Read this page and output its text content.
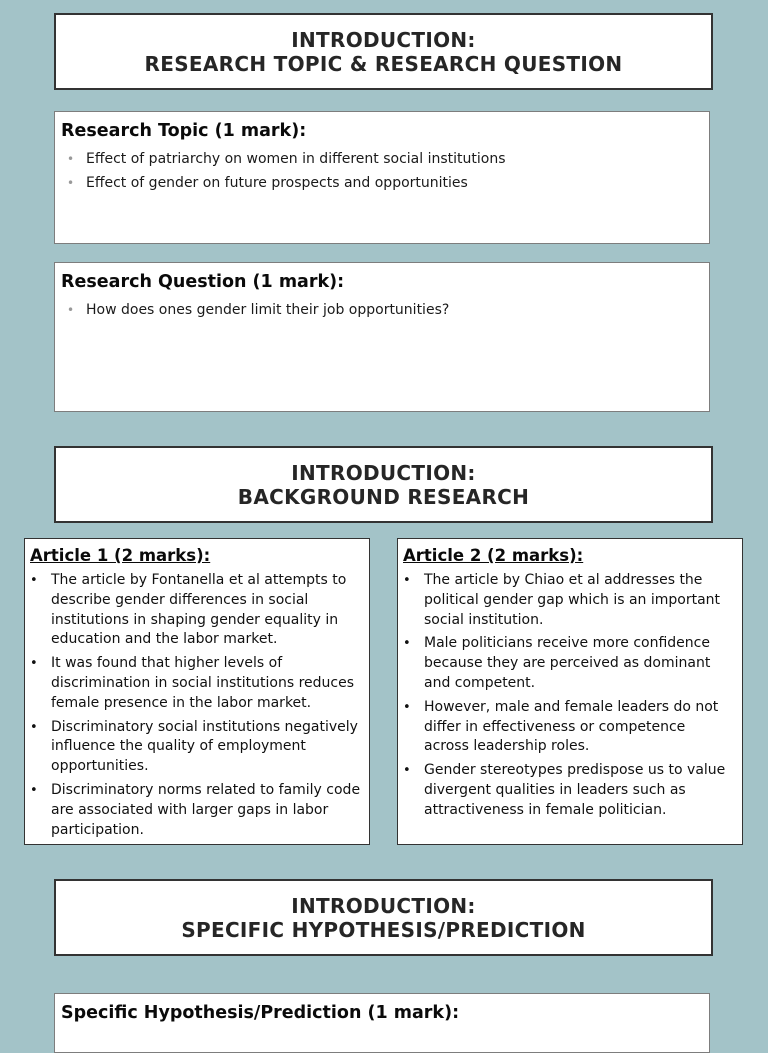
INTRODUCTION:
RESEARCH TOPIC & RESEARCH QUESTION
Research Topic (1 mark):
• Effect of patriarchy on women in different social institutions
• Effect of gender on future prospects and opportunities
Research Question (1 mark):
• How does ones gender limit their job opportunities?
INTRODUCTION:
BACKGROUND RESEARCH
Article 1 (2 marks):
• The article by Fontanella et al attempts to describe gender differences in social institutions in shaping gender equality in education and the labor market.
• It was found that higher levels of discrimination in social institutions reduces female presence in the labor market.
• Discriminatory social institutions negatively influence the quality of employment opportunities.
• Discriminatory norms related to family code are associated with larger gaps in labor participation.
Article 2 (2 marks):
• The article by Chiao et al addresses the political gender gap which is an important social institution.
• Male politicians receive more confidence because they are perceived as dominant and competent.
• However, male and female leaders do not differ in effectiveness or competence across leadership roles.
• Gender stereotypes predispose us to value divergent qualities in leaders such as attractiveness in female politician.
INTRODUCTION:
SPECIFIC HYPOTHESIS/PREDICTION
Specific Hypothesis/Prediction (1 mark):
